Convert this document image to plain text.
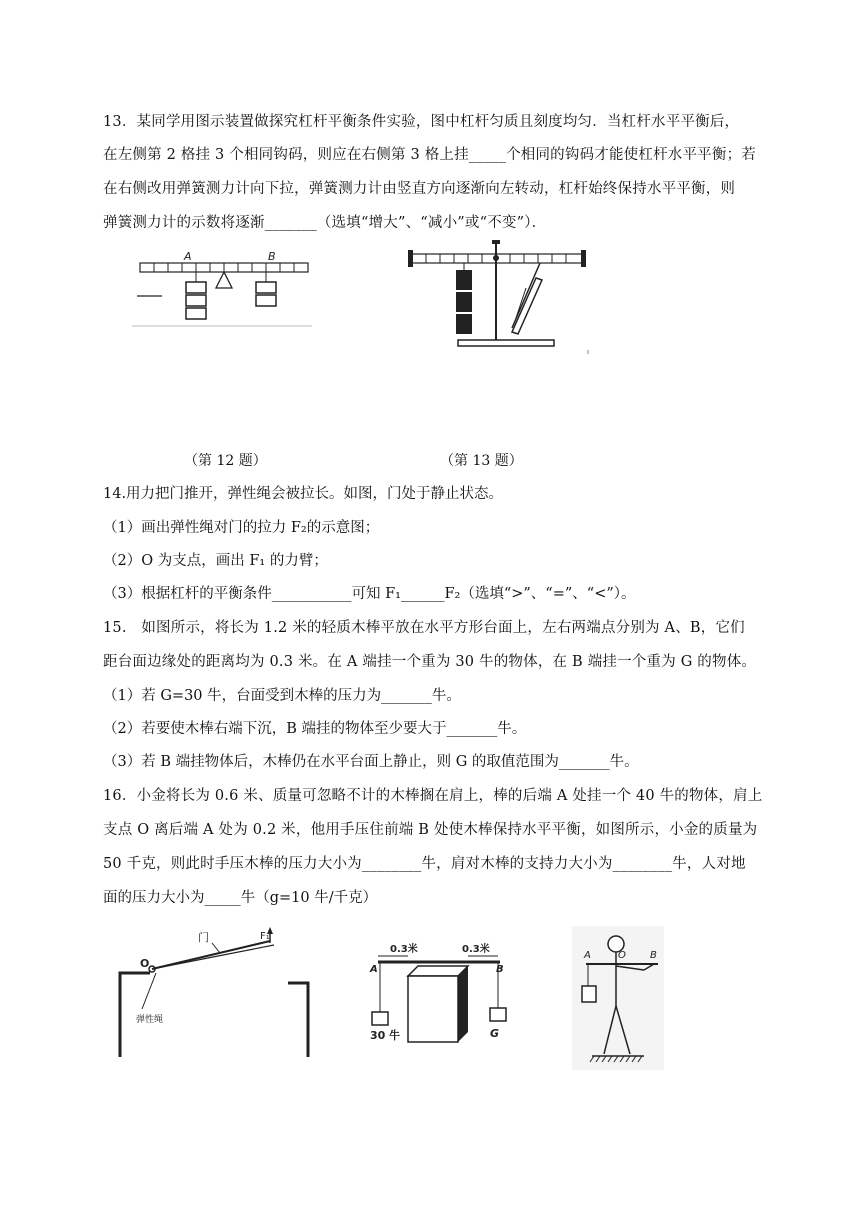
13．某同学用图示装置做探究杠杆平衡条件实验，图中杠杆匀质且刻度均匀．当杠杆水平平衡后，
在左侧第 2 格挂 3 个相同钩码，则应在右侧第 3 格上挂_____个相同的钩码才能使杠杆水平平衡；若
在右侧改用弹簧测力计向下拉，弹簧测力计由竖直方向逐渐向左转动，杠杆始终保持水平平衡，则
弹簧测力计的示数将逐渐_______（选填“增大”、“减小”或“不变”）．
A	B
（第 12 题）	（第 13 题）
14.用力把门推开，弹性绳会被拉长。如图，门处于静止状态。
（1）画出弹性绳对门的拉力 F₂的示意图；
（2）O 为支点，画出 F₁ 的力臂；
（3）根据杠杆的平衡条件___________可知 F₁______F₂（选填“>”、“=”、“<”）。
15.　如图所示，将长为 1.2 米的轻质木棒平放在水平方形台面上，左右两端点分别为 A、B，它们
距台面边缘处的距离均为 0.3 米。在 A 端挂一个重为 30 牛的物体，在 B 端挂一个重为 G 的物体。
（1）若 G=30 牛，台面受到木棒的压力为_______牛。
（2）若要使木棒右端下沉，B 端挂的物体至少要大于_______牛。
（3）若 B 端挂物体后，木棒仍在水平台面上静止，则 G 的取值范围为_______牛。
16．小金将长为 0.6 米、质量可忽略不计的木棒搁在肩上，棒的后端 A 处挂一个 40 牛的物体，肩上
支点 O 离后端 A 处为 0.2 米，他用手压住前端 B 处使木棒保持水平平衡，如图所示，小金的质量为
50 千克，则此时手压木棒的压力大小为________牛，肩对木棒的支持力大小为________牛，人对地
面的压力大小为_____牛（g=10 牛/千克）
O
门	F₁
弹性绳
0.3米	0.3米
A	B
30 牛	G
A	O B
